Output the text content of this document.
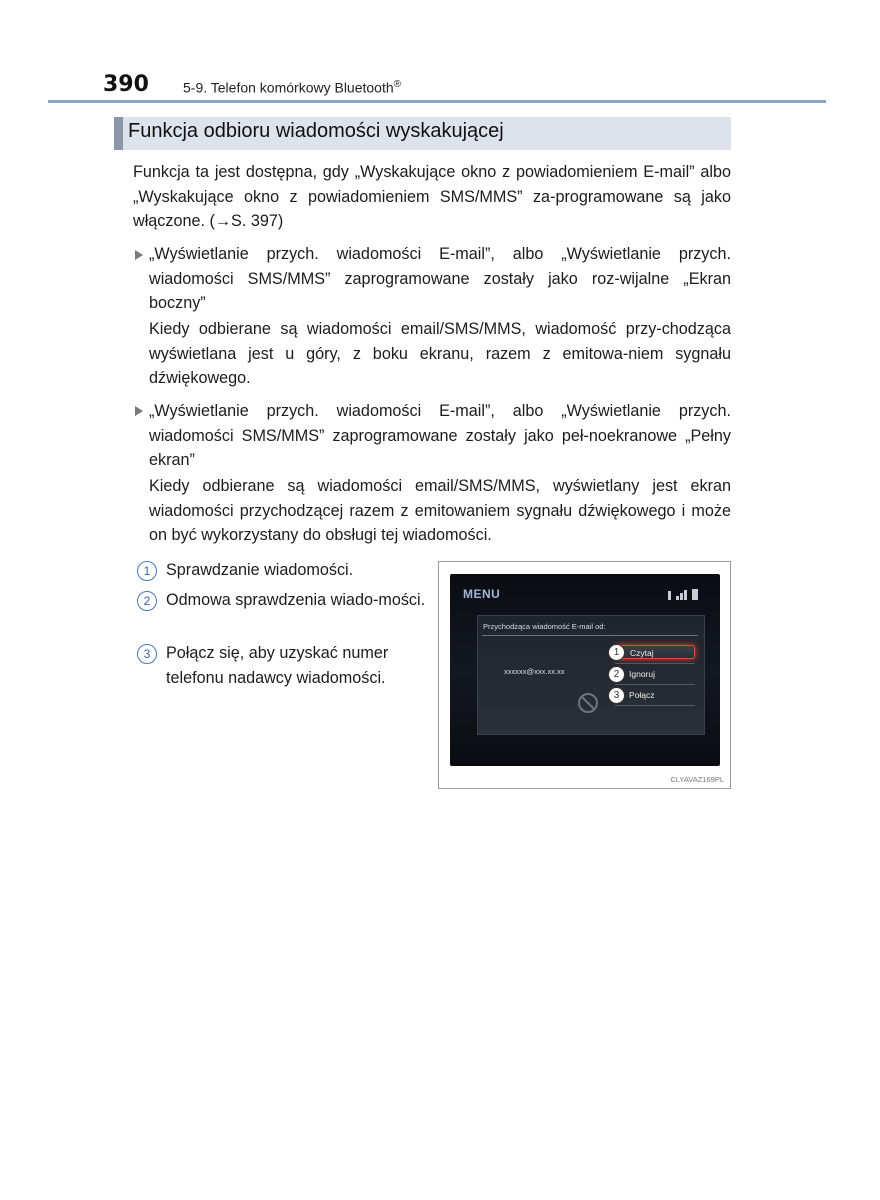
390 5-9. Telefon komórkowy Bluetooth®
Funkcja odbioru wiadomości wyskakującej

Funkcja ta jest dostępna, gdy „Wyskakujące okno z powiadomieniem E-mail” albo „Wyskakujące okno z powiadomieniem SMS/MMS” za-programowane są jako włączone. (→S. 397)

„Wyświetlanie przych. wiadomości E-mail”, albo „Wyświetlanie przych. wiadomości SMS/MMS” zaprogramowane zostały jako roz-wijalne „Ekran boczny”

Kiedy odbierane są wiadomości email/SMS/MMS, wiadomość przy-chodząca wyświetlana jest u góry, z boku ekranu, razem z emitowa-niem sygnału dźwiękowego.

„Wyświetlanie przych. wiadomości E-mail”, albo „Wyświetlanie przych. wiadomości SMS/MMS” zaprogramowane zostały jako peł-noekranowe „Pełny ekran”

Kiedy odbierane są wiadomości email/SMS/MMS, wyświetlany jest ekran wiadomości przychodzącej razem z emitowaniem sygnału dźwiękowego i może on być wykorzystany do obsługi tej wiadomości.

1 Sprawdzanie wiadomości.

2 Odmowa sprawdzenia wiado-mości.

3 Połącz się, aby uzyskać numer telefonu nadawcy wiadomości.

MENU
Przychodząca wiadomość E-mail od:
xxxxxx@xxx.xx.xx
Czytaj
Ignoruj
Połącz
1
2
3
CLYAVAZ169PL
